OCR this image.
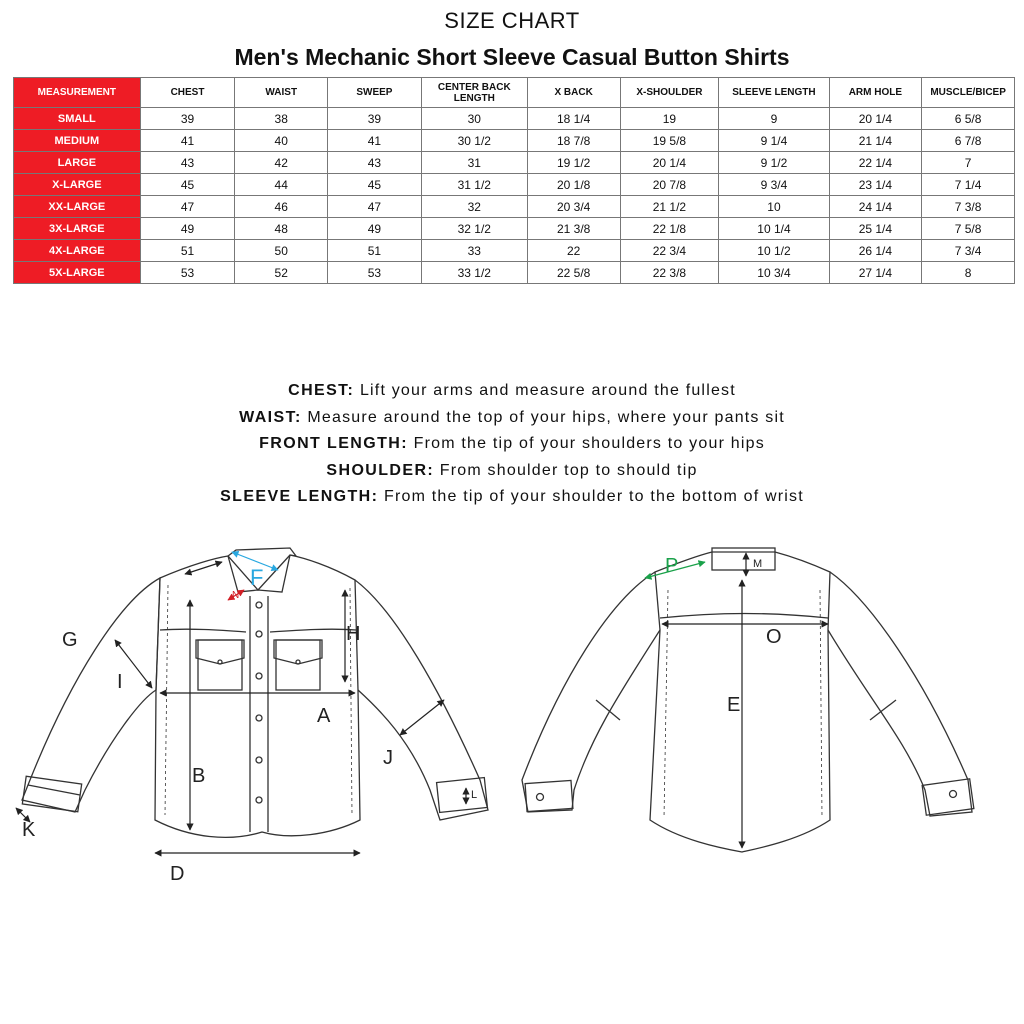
SIZE CHART
Men's Mechanic Short Sleeve Casual Button Shirts
MEASUREMENT	CHEST	WAIST	SWEEP	CENTER BACK LENGTH	X BACK	X-SHOULDER	SLEEVE LENGTH	ARM HOLE	MUSCLE/BICEP
SMALL	39	38	39	30	18 1/4	19	9	20 1/4	6 5/8
MEDIUM	41	40	41	30 1/2	18 7/8	19 5/8	9 1/4	21 1/4	6 7/8
LARGE	43	42	43	31	19 1/2	20 1/4	9 1/2	22 1/4	7
X-LARGE	45	44	45	31 1/2	20 1/8	20 7/8	9 3/4	23 1/4	7 1/4
XX-LARGE	47	46	47	32	20 3/4	21 1/2	10	24 1/4	7 3/8
3X-LARGE	49	48	49	32 1/2	21 3/8	22 1/8	10 1/4	25 1/4	7 5/8
4X-LARGE	51	50	51	33	22	22 3/4	10 1/2	26 1/4	7 3/4
5X-LARGE	53	52	53	33 1/2	22 5/8	22 3/8	10 3/4	27 1/4	8
CHEST: Lift your arms and measure around the fullest
WAIST: Measure around the top of your hips, where your pants sit
FRONT LENGTH: From the tip of your shoulders to your hips
SHOULDER: From shoulder top to should tip
SLEEVE LENGTH: From the tip of your shoulder to the bottom of wrist
A
B
D
G	H
I
J
K
L
F
N
E
O
M
P
